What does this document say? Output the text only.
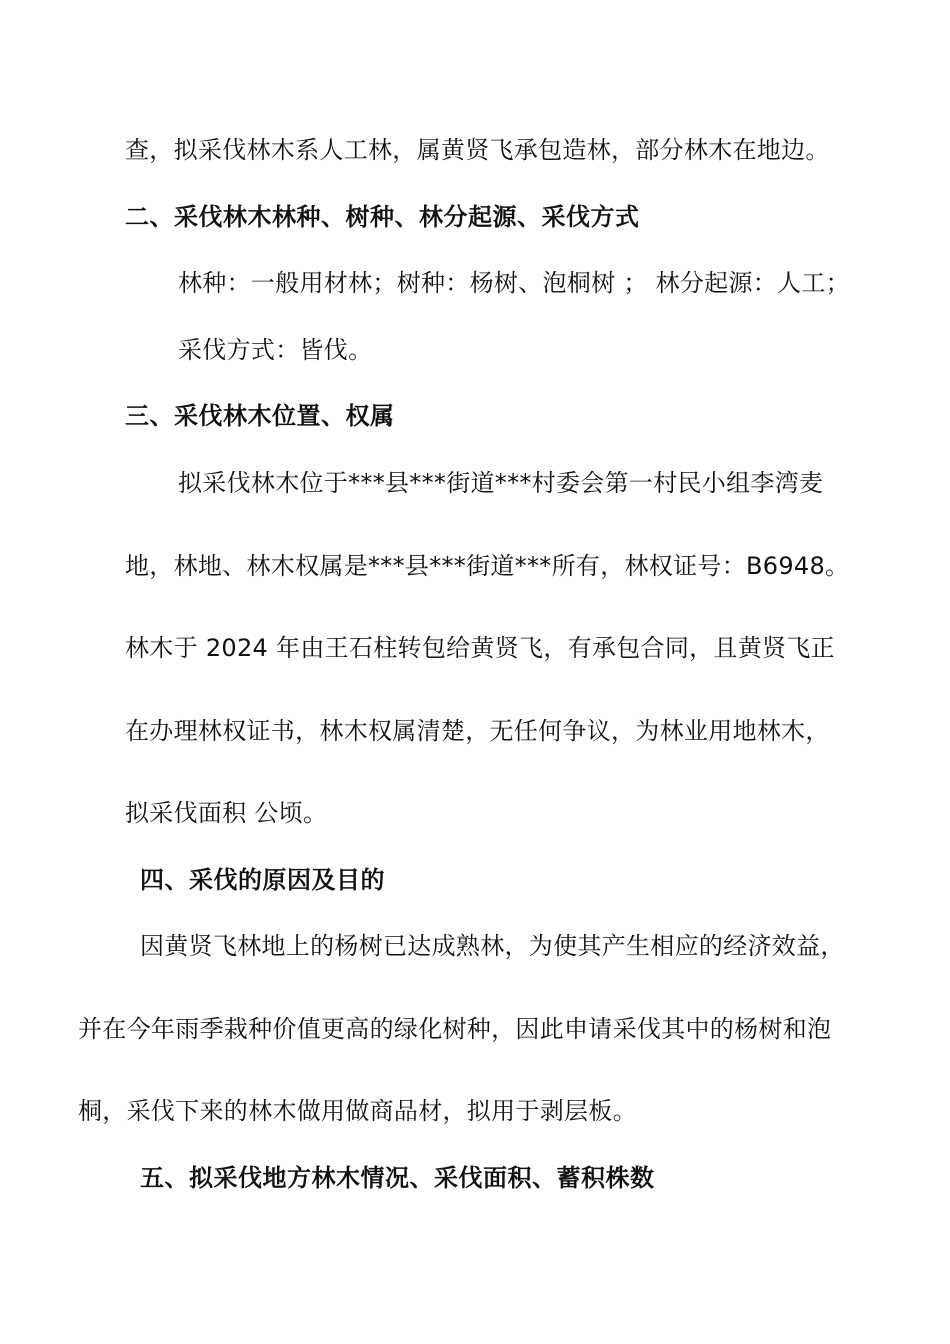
查，拟采伐林木系人工林，属黄贤飞承包造林，部分林木在地边。
二、采伐林木林种、树种、林分起源、采伐方式
林种：一般用材林；树种：杨树、泡桐树 ； 林分起源：人工；
采伐方式：皆伐。
三、采伐林木位置、权属
拟采伐林木位于***县***街道***村委会第一村民小组李湾麦
地，林地、林木权属是***县***街道***所有，林权证号：B6948。
林木于 2024 年由王石柱转包给黄贤飞，有承包合同，且黄贤飞正
在办理林权证书，林木权属清楚，无任何争议，为林业用地林木，
拟采伐面积 公顷。
四、采伐的原因及目的
因黄贤飞林地上的杨树已达成熟林，为使其产生相应的经济效益，
并在今年雨季栽种价值更高的绿化树种，因此申请采伐其中的杨树和泡
桐，采伐下来的林木做用做商品材，拟用于剥层板。
五、拟采伐地方林木情况、采伐面积、蓄积株数
